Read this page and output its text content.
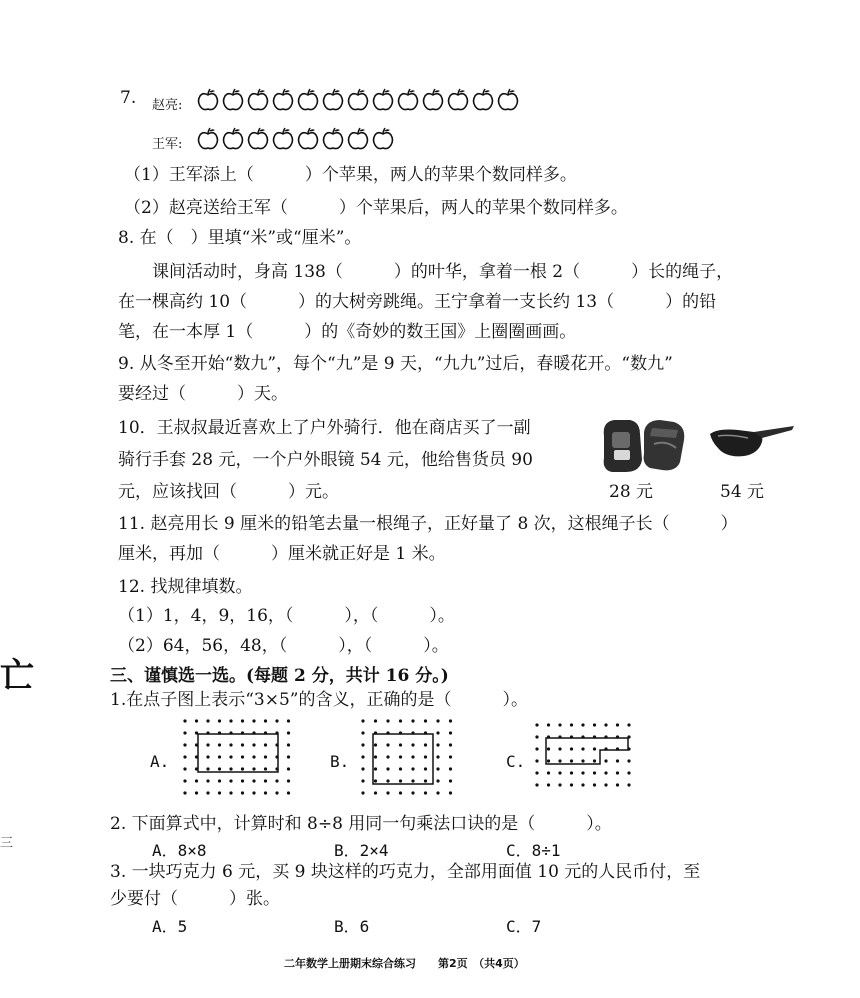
亡
三
7. 赵亮:
王军:
（1）王军添上（　　　）个苹果，两人的苹果个数同样多。
（2）赵亮送给王军（　　　）个苹果后，两人的苹果个数同样多。
8. 在（　）里填“米”或“厘米”。
课间活动时，身高 138（　　　）的叶华，拿着一根 2（　　　）长的绳子，
在一棵高约 10（　　　）的大树旁跳绳。王宁拿着一支长约 13（　　　）的铅
笔，在一本厚 1（　　　）的《奇妙的数王国》上圈圈画画。
9. 从冬至开始“数九”，每个“九”是 9 天，“九九”过后，春暖花开。“数九”
要经过（　　　）天。
10．王叔叔最近喜欢上了户外骑行．他在商店买了一副
骑行手套 28 元，一个户外眼镜 54 元，他给售货员 90
元，应该找回（　　　）元。	28 元	54 元
11. 赵亮用长 9 厘米的铅笔去量一根绳子，正好量了 8 次，这根绳子长（　　　）
厘米，再加（　　　）厘米就正好是 1 米。
12. 找规律填数。
（1）1，4，9，16，（　　　），（　　　）。
（2）64，56，48，（　　　），（　　　）。
三、谨慎选一选。(每题 2 分，共计 16 分。)
1.在点子图上表示“3×5”的含义，正确的是（　　　）。
A.	B.	C.
2. 下面算式中，计算时和 8÷8 用同一句乘法口诀的是（　　　）。
A．8×8	B．2×4	C．8÷1
3. 一块巧克力 6 元，买 9 块这样的巧克力，全部用面值 10 元的人民币付，至
少要付（　　　）张。
A．5	B．6	C．7
二年数学上册期末综合练习　　第2页　（共4页）
